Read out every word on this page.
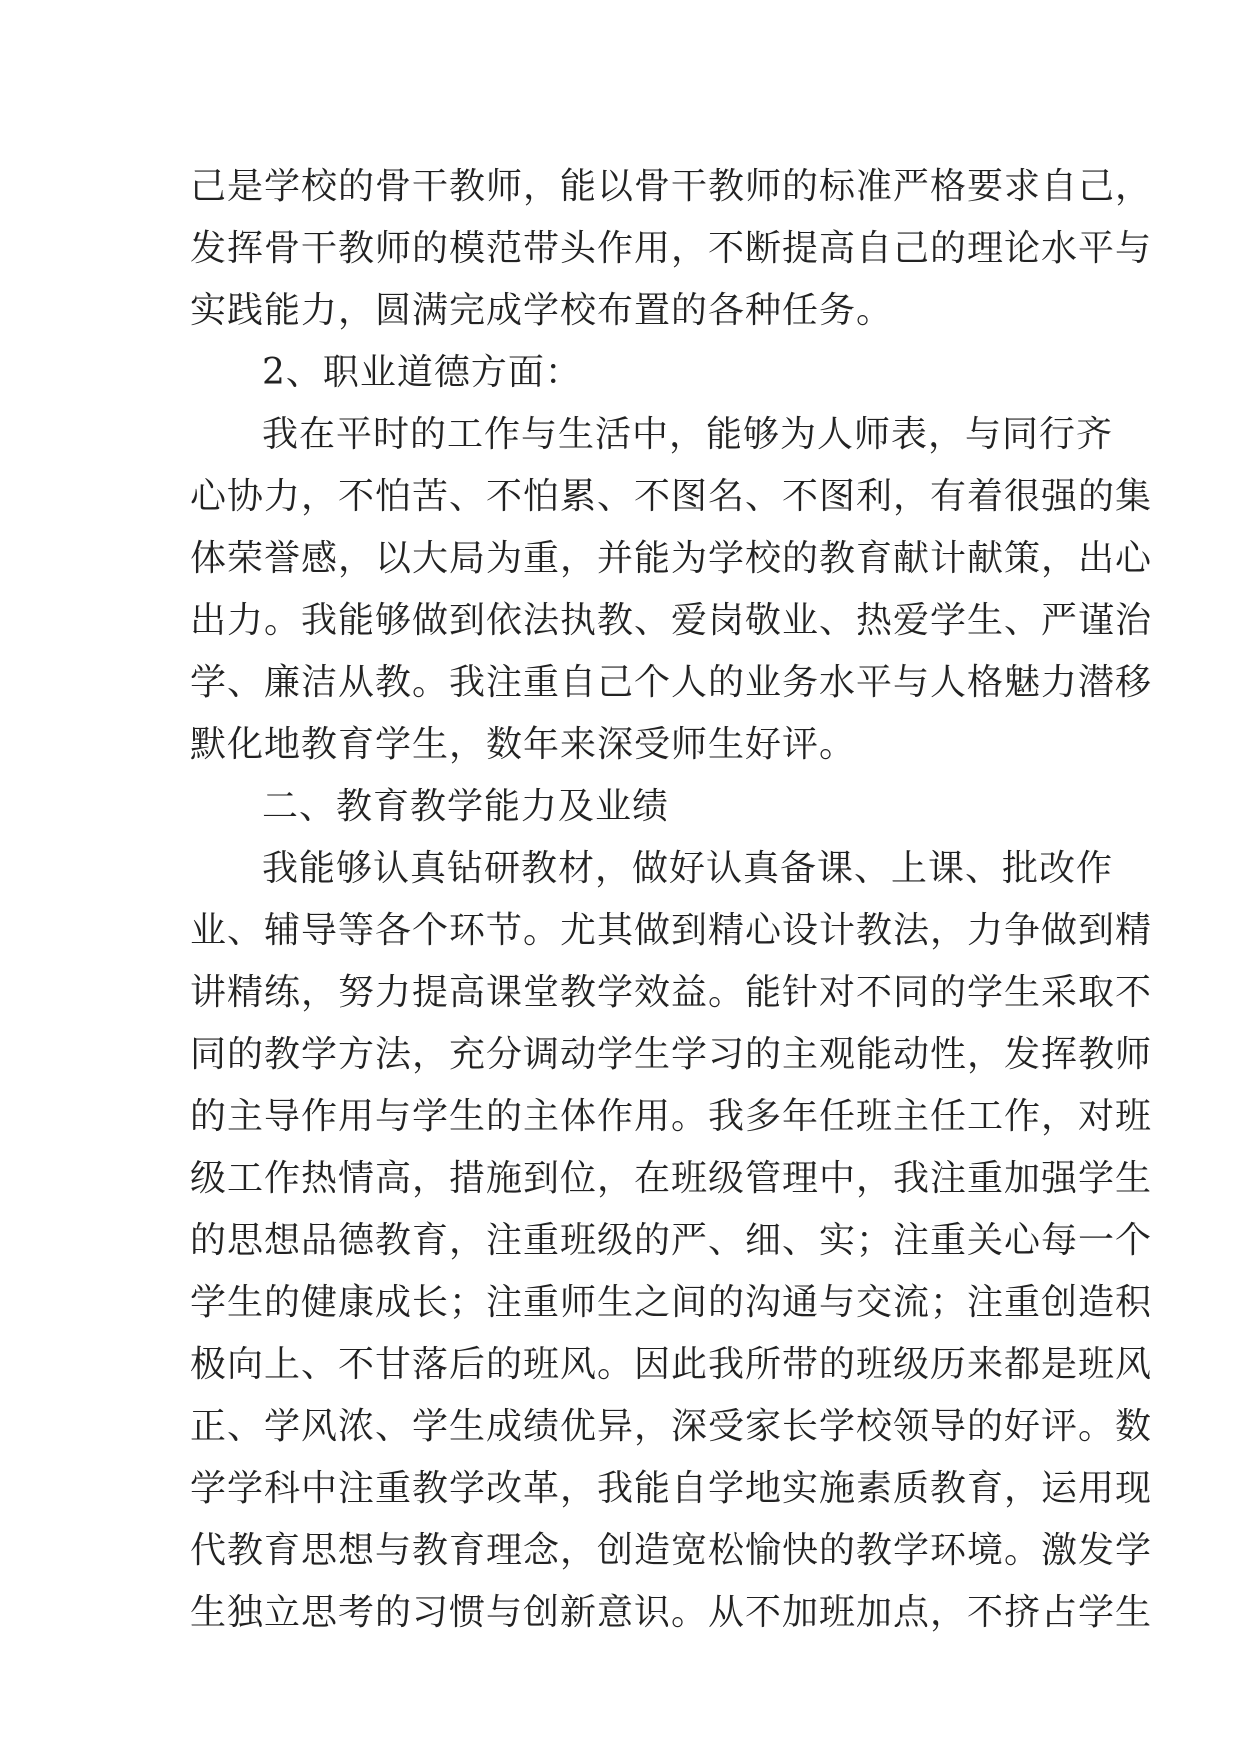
己是学校的骨干教师，能以骨干教师的标准严格要求自己，
发挥骨干教师的模范带头作用，不断提高自己的理论水平与
实践能力，圆满完成学校布置的各种任务。
2、职业道德方面：
我在平时的工作与生活中，能够为人师表，与同行齐
心协力，不怕苦、不怕累、不图名、不图利，有着很强的集
体荣誉感，以大局为重，并能为学校的教育献计献策，出心
出力。我能够做到依法执教、爱岗敬业、热爱学生、严谨治
学、廉洁从教。我注重自己个人的业务水平与人格魅力潜移
默化地教育学生，数年来深受师生好评。
二、教育教学能力及业绩
我能够认真钻研教材，做好认真备课、上课、批改作
业、辅导等各个环节。尤其做到精心设计教法，力争做到精
讲精练，努力提高课堂教学效益。能针对不同的学生采取不
同的教学方法，充分调动学生学习的主观能动性，发挥教师
的主导作用与学生的主体作用。我多年任班主任工作，对班
级工作热情高，措施到位，在班级管理中，我注重加强学生
的思想品德教育，注重班级的严、细、实；注重关心每一个
学生的健康成长；注重师生之间的沟通与交流；注重创造积
极向上、不甘落后的班风。因此我所带的班级历来都是班风
正、学风浓、学生成绩优异，深受家长学校领导的好评。数
学学科中注重教学改革，我能自学地实施素质教育，运用现
代教育思想与教育理念，创造宽松愉快的教学环境。激发学
生独立思考的习惯与创新意识。从不加班加点，不挤占学生
